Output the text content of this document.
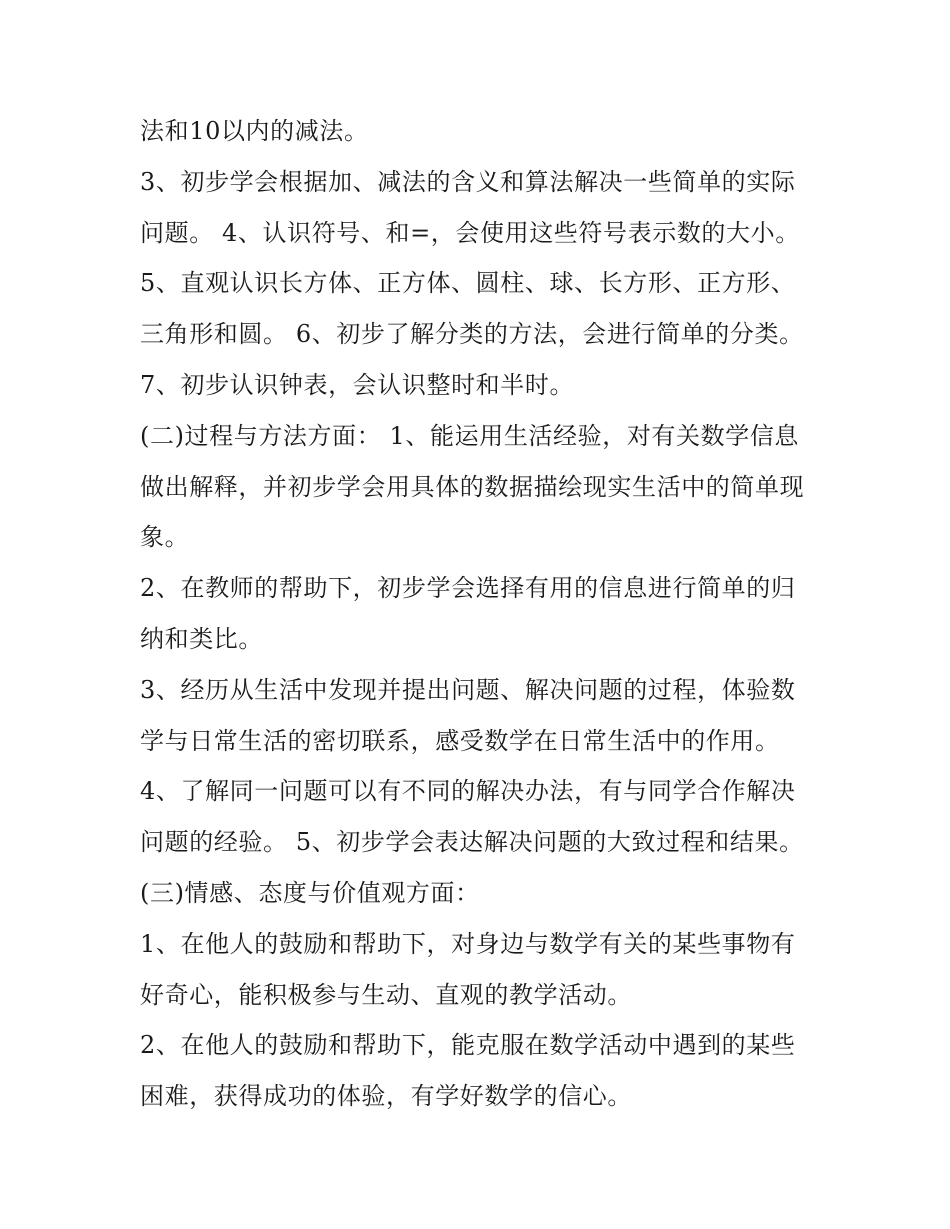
法和10以内的减法。
3、初步学会根据加、减法的含义和算法解决一些简单的实际
问题。 4、认识符号、和=，会使用这些符号表示数的大小。
5、直观认识长方体、正方体、圆柱、球、长方形、正方形、
三角形和圆。 6、初步了解分类的方法，会进行简单的分类。
7、初步认识钟表，会认识整时和半时。
(二)过程与方法方面： 1、能运用生活经验，对有关数学信息
做出解释，并初步学会用具体的数据描绘现实生活中的简单现
象。
2、在教师的帮助下，初步学会选择有用的信息进行简单的归
纳和类比。
3、经历从生活中发现并提出问题、解决问题的过程，体验数
学与日常生活的密切联系，感受数学在日常生活中的作用。
4、了解同一问题可以有不同的解决办法，有与同学合作解决
问题的经验。 5、初步学会表达解决问题的大致过程和结果。
(三)情感、态度与价值观方面：
1、在他人的鼓励和帮助下，对身边与数学有关的某些事物有
好奇心，能积极参与生动、直观的教学活动。
2、在他人的鼓励和帮助下，能克服在数学活动中遇到的某些
困难，获得成功的体验，有学好数学的信心。
